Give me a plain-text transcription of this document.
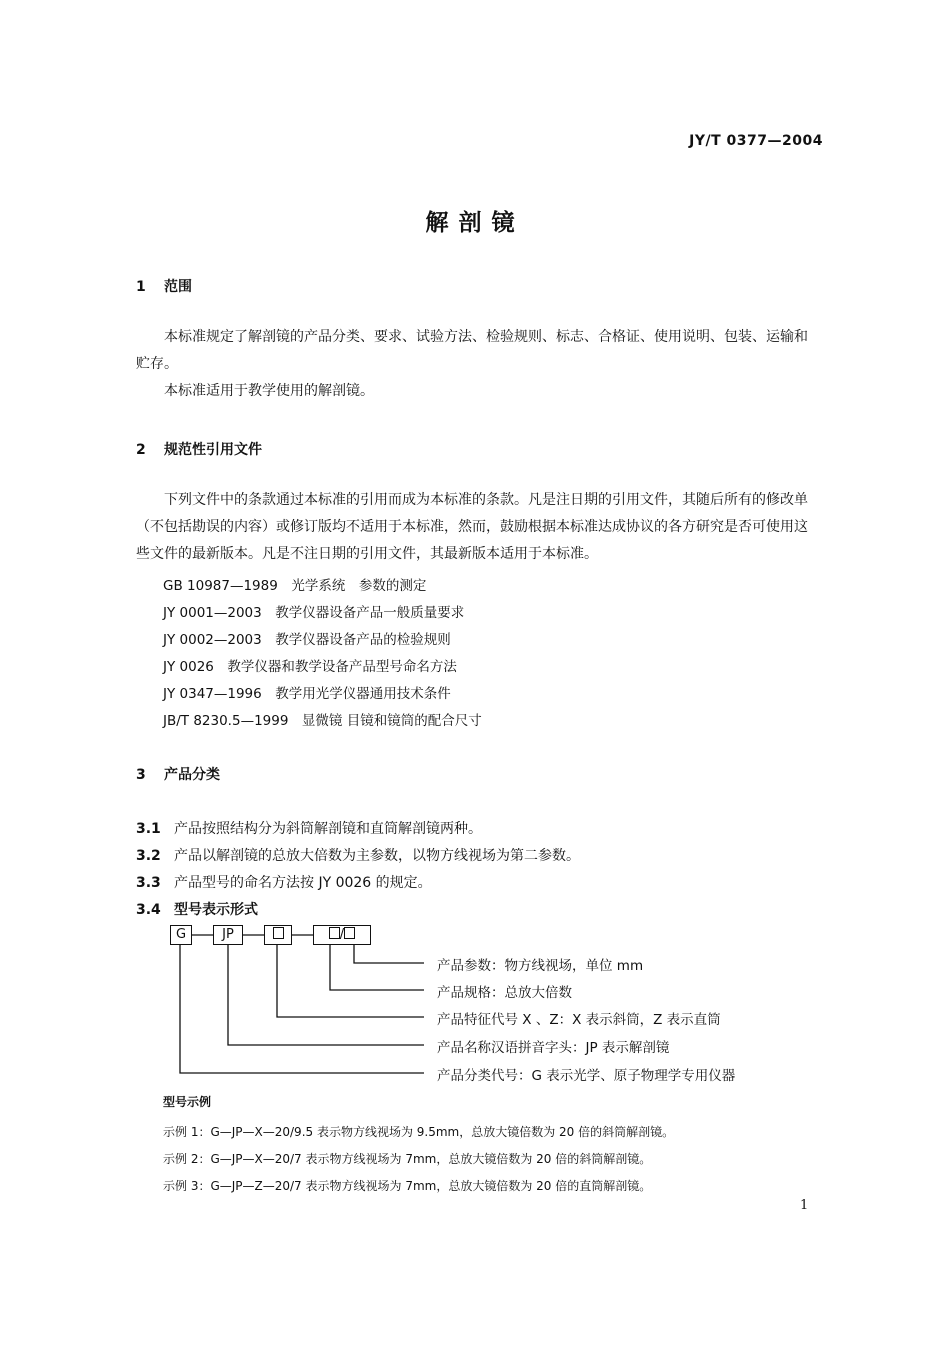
JY/T 0377—2004
解剖镜
1 范围
本标准规定了解剖镜的产品分类、要求、试验方法、检验规则、标志、合格证、使用说明、包装、运输和贮存。
本标准适用于教学使用的解剖镜。
2 规范性引用文件
下列文件中的条款通过本标准的引用而成为本标准的条款。凡是注日期的引用文件，其随后所有的修改单（不包括勘误的内容）或修订版均不适用于本标准，然而，鼓励根据本标准达成协议的各方研究是否可使用这些文件的最新版本。凡是不注日期的引用文件，其最新版本适用于本标准。
GB 10987—1989　光学系统　参数的测定
JY 0001—2003　教学仪器设备产品一般质量要求
JY 0002—2003　教学仪器设备产品的检验规则
JY 0026　教学仪器和教学设备产品型号命名方法
JY 0347—1996　教学用光学仪器通用技术条件
JB/T 8230.5—1999　显微镜 目镜和镜筒的配合尺寸
3 产品分类
3.1 产品按照结构分为斜筒解剖镜和直筒解剖镜两种。
3.2 产品以解剖镜的总放大倍数为主参数，以物方线视场为第二参数。
3.3 产品型号的命名方法按 JY 0026 的规定。
3.4 型号表示形式
G	JP	/
产品参数：物方线视场，单位 mm
产品规格：总放大倍数
产品特征代号 X 、Z：X 表示斜筒，Z 表示直筒
产品名称汉语拼音字头：JP 表示解剖镜
产品分类代号：G 表示光学、原子物理学专用仪器
型号示例
示例 1：G—JP—X—20/9.5 表示物方线视场为 9.5mm，总放大镜倍数为 20 倍的斜筒解剖镜。
示例 2：G—JP—X—20/7 表示物方线视场为 7mm，总放大镜倍数为 20 倍的斜筒解剖镜。
示例 3：G—JP—Z—20/7 表示物方线视场为 7mm，总放大镜倍数为 20 倍的直筒解剖镜。
1
